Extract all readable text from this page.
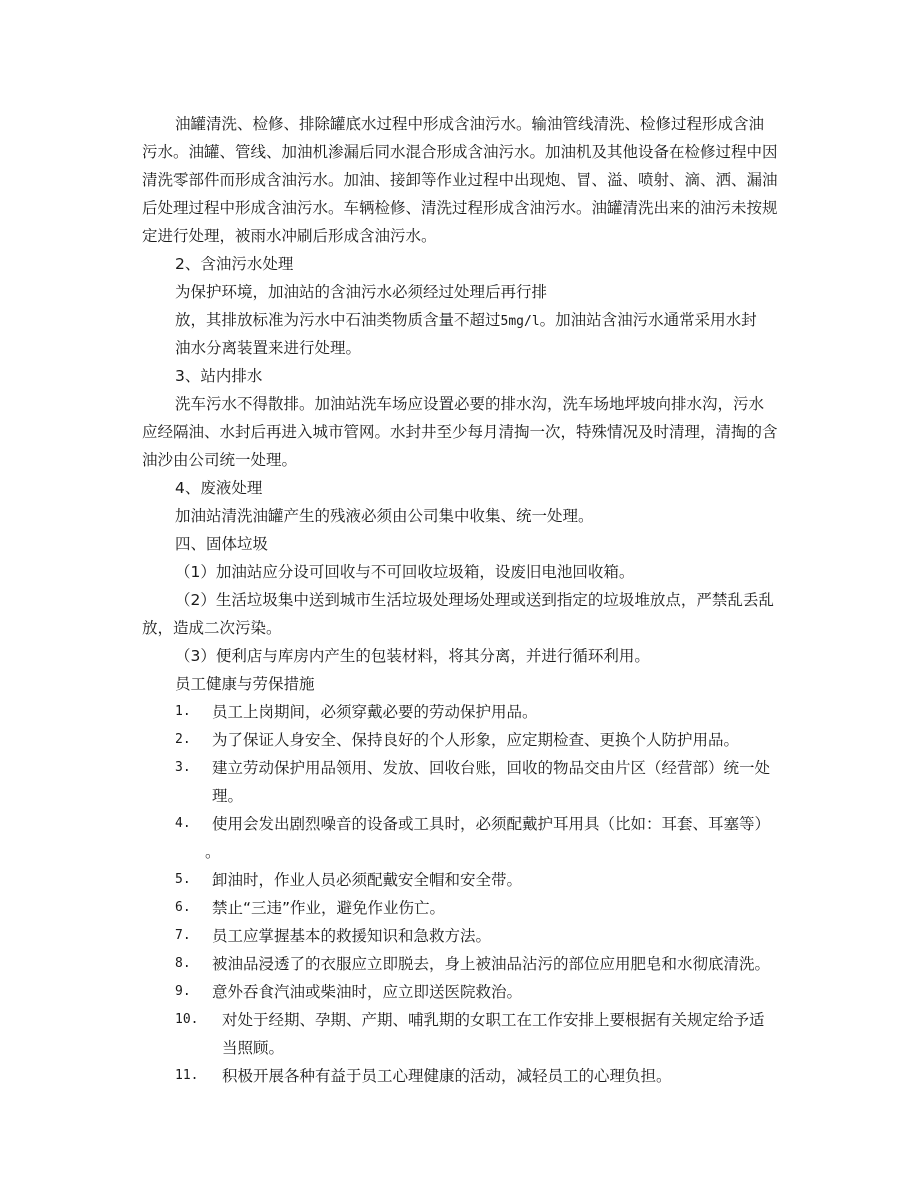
油罐清洗、检修、排除罐底水过程中形成含油污水。输油管线清洗、检修过程形成含油
污水。油罐、管线、加油机渗漏后同水混合形成含油污水。加油机及其他设备在检修过程中因
清洗零部件而形成含油污水。加油、接卸等作业过程中出现炮、冒、溢、喷射、滴、洒、漏油
后处理过程中形成含油污水。车辆检修、清洗过程形成含油污水。油罐清洗出来的油污未按规
定进行处理，被雨水冲刷后形成含油污水。
2、含油污水处理
为保护环境，加油站的含油污水必须经过处理后再行排
放，其排放标准为污水中石油类物质含量不超过5mg/l。加油站含油污水通常采用水封
油水分离装置来进行处理。
3、站内排水
洗车污水不得散排。加油站洗车场应设置必要的排水沟，洗车场地坪坡向排水沟，污水
应经隔油、水封后再进入城市管网。水封井至少每月清掏一次，特殊情况及时清理，清掏的含
油沙由公司统一处理。
4、废液处理
加油站清洗油罐产生的残液必须由公司集中收集、统一处理。
四、固体垃圾
（1）加油站应分设可回收与不可回收垃圾箱，设废旧电池回收箱。
（2）生活垃圾集中送到城市生活垃圾处理场处理或送到指定的垃圾堆放点，严禁乱丢乱
放，造成二次污染。
（3）便利店与库房内产生的包装材料，将其分离，并进行循环利用。
员工健康与劳保措施
1. 员工上岗期间，必须穿戴必要的劳动保护用品。
2. 为了保证人身安全、保持良好的个人形象，应定期检查、更换个人防护用品。
3. 建立劳动保护用品领用、发放、回收台账，回收的物品交由片区（经营部）统一处
理。
4. 使用会发出剧烈噪音的设备或工具时，必须配戴护耳用具（比如：耳套、耳塞等）
。
5. 卸油时，作业人员必须配戴安全帽和安全带。
6. 禁止“三违”作业，避免作业伤亡。
7. 员工应掌握基本的救援知识和急救方法。
8. 被油品浸透了的衣服应立即脱去，身上被油品沾污的部位应用肥皂和水彻底清洗。
9. 意外吞食汽油或柴油时，应立即送医院救治。
10. 对处于经期、孕期、产期、哺乳期的女职工在工作安排上要根据有关规定给予适
当照顾。
11. 积极开展各种有益于员工心理健康的活动，减轻员工的心理负担。
